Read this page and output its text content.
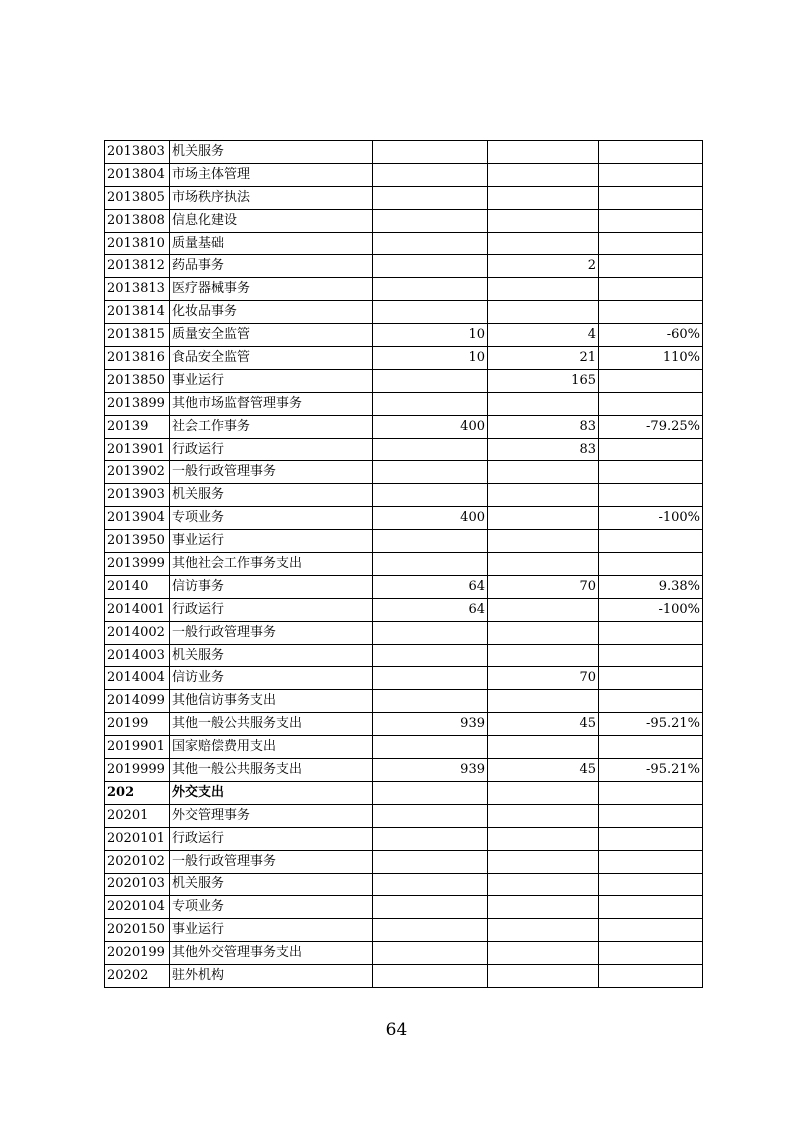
2013803	机关服务			
2013804	市场主体管理			
2013805	市场秩序执法			
2013808	信息化建设			
2013810	质量基础			
2013812	药品事务		2	
2013813	医疗器械事务			
2013814	化妆品事务			
2013815	质量安全监管	10	4	-60%
2013816	食品安全监管	10	21	110%
2013850	事业运行		165	
2013899	其他市场监督管理事务			
20139	社会工作事务	400	83	-79.25%
2013901	行政运行		83	
2013902	一般行政管理事务			
2013903	机关服务			
2013904	专项业务	400		-100%
2013950	事业运行			
2013999	其他社会工作事务支出			
20140	信访事务	64	70	9.38%
2014001	行政运行	64		-100%
2014002	一般行政管理事务			
2014003	机关服务			
2014004	信访业务		70	
2014099	其他信访事务支出			
20199	其他一般公共服务支出	939	45	-95.21%
2019901	国家赔偿费用支出			
2019999	其他一般公共服务支出	939	45	-95.21%
202	外交支出			
20201	外交管理事务			
2020101	行政运行			
2020102	一般行政管理事务			
2020103	机关服务			
2020104	专项业务			
2020150	事业运行			
2020199	其他外交管理事务支出			
20202	驻外机构			
64
